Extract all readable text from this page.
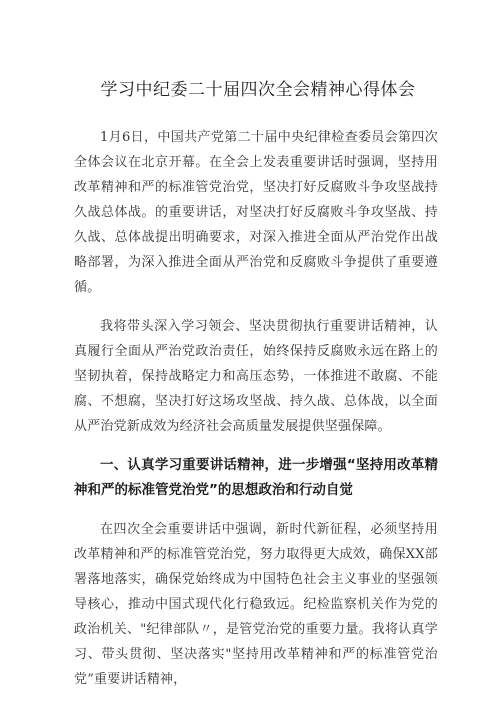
学习中纪委二十届四次全会精神心得体会

1月6日，中国共产党第二十届中央纪律检查委员会第四次全体会议在北京开幕。在全会上发表重要讲话时强调，坚持用改革精神和严的标准管党治党，坚决打好反腐败斗争攻坚战持久战总体战。的重要讲话，对坚决打好反腐败斗争攻坚战、持久战、总体战提出明确要求，对深入推进全面从严治党作出战略部署，为深入推进全面从严治党和反腐败斗争提供了重要遵循。

我将带头深入学习领会、坚决贯彻执行重要讲话精神，认真履行全面从严治党政治责任，始终保持反腐败永远在路上的坚韧执着，保持战略定力和高压态势，一体推进不敢腐、不能腐、不想腐，坚决打好这场攻坚战、持久战、总体战，以全面从严治党新成效为经济社会高质量发展提供坚强保障。

一、认真学习重要讲话精神，进一步增强“坚持用改革精神和严的标准管党治党”的思想政治和行动自觉

在四次全会重要讲话中强调，新时代新征程，必须坚持用改革精神和严的标准管党治党，努力取得更大成效，确保XX部署落地落实，确保党始终成为中国特色社会主义事业的坚强领导核心，推动中国式现代化行稳致远。纪检监察机关作为党的政治机关、"纪律部队〃，是管党治党的重要力量。我将认真学习、带头贯彻、坚决落实"坚持用改革精神和严的标准管党治党”重要讲话精神，
